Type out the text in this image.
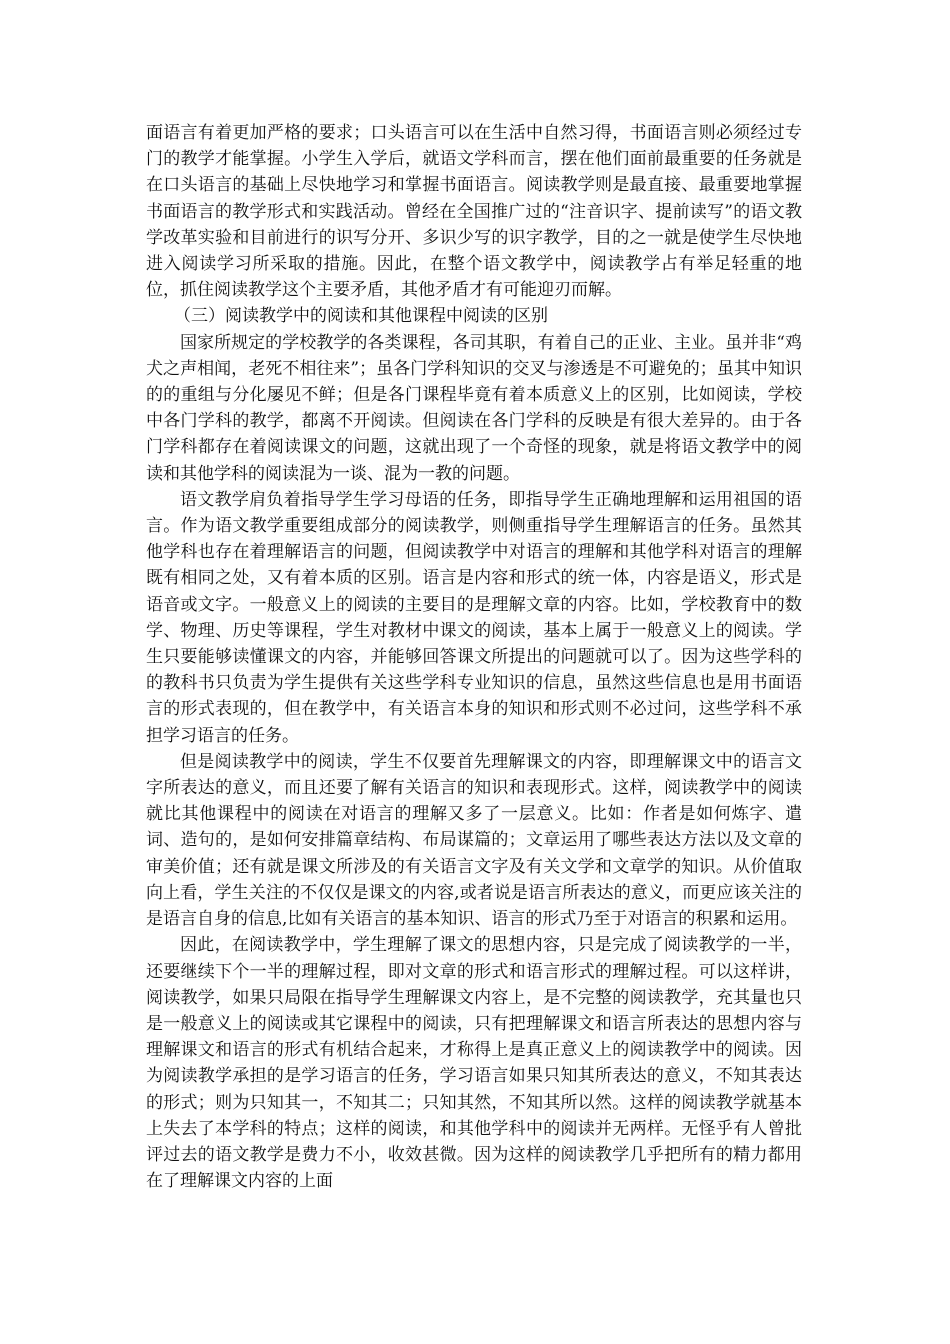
面语言有着更加严格的要求；口头语言可以在生活中自然习得，书面语言则必须经过专门的教学才能掌握。小学生入学后，就语文学科而言，摆在他们面前最重要的任务就是在口头语言的基础上尽快地学习和掌握书面语言。阅读教学则是最直接、最重要地掌握书面语言的教学形式和实践活动。曾经在全国推广过的“注音识字、提前读写”的语文教学改革实验和目前进行的识写分开、多识少写的识字教学，目的之一就是使学生尽快地进入阅读学习所采取的措施。因此，在整个语文教学中，阅读教学占有举足轻重的地位，抓住阅读教学这个主要矛盾，其他矛盾才有可能迎刃而解。

（三）阅读教学中的阅读和其他课程中阅读的区别

国家所规定的学校教学的各类课程，各司其职，有着自己的正业、主业。虽并非“鸡犬之声相闻，老死不相往来”；虽各门学科知识的交叉与渗透是不可避免的；虽其中知识的的重组与分化屡见不鲜；但是各门课程毕竟有着本质意义上的区别，比如阅读，学校中各门学科的教学，都离不开阅读。但阅读在各门学科的反映是有很大差异的。由于各门学科都存在着阅读课文的问题，这就出现了一个奇怪的现象，就是将语文教学中的阅读和其他学科的阅读混为一谈、混为一教的问题。

语文教学肩负着指导学生学习母语的任务，即指导学生正确地理解和运用祖国的语言。作为语文教学重要组成部分的阅读教学，则侧重指导学生理解语言的任务。虽然其他学科也存在着理解语言的问题，但阅读教学中对语言的理解和其他学科对语言的理解既有相同之处，又有着本质的区别。语言是内容和形式的统一体，内容是语义，形式是语音或文字。一般意义上的阅读的主要目的是理解文章的内容。比如，学校教育中的数学、物理、历史等课程，学生对教材中课文的阅读，基本上属于一般意义上的阅读。学生只要能够读懂课文的内容，并能够回答课文所提出的问题就可以了。因为这些学科的的教科书只负责为学生提供有关这些学科专业知识的信息，虽然这些信息也是用书面语言的形式表现的，但在教学中，有关语言本身的知识和形式则不必过问，这些学科不承担学习语言的任务。

但是阅读教学中的阅读，学生不仅要首先理解课文的内容，即理解课文中的语言文字所表达的意义，而且还要了解有关语言的知识和表现形式。这样，阅读教学中的阅读就比其他课程中的阅读在对语言的理解又多了一层意义。比如：作者是如何炼字、遣词、造句的，是如何安排篇章结构、布局谋篇的；文章运用了哪些表达方法以及文章的审美价值；还有就是课文所涉及的有关语言文字及有关文学和文章学的知识。从价值取向上看，学生关注的不仅仅是课文的内容,或者说是语言所表达的意义，而更应该关注的是语言自身的信息,比如有关语言的基本知识、语言的形式乃至于对语言的积累和运用。

因此，在阅读教学中，学生理解了课文的思想内容，只是完成了阅读教学的一半，还要继续下个一半的理解过程，即对文章的形式和语言形式的理解过程。可以这样讲，阅读教学，如果只局限在指导学生理解课文内容上，是不完整的阅读教学，充其量也只是一般意义上的阅读或其它课程中的阅读，只有把理解课文和语言所表达的思想内容与理解课文和语言的形式有机结合起来，才称得上是真正意义上的阅读教学中的阅读。因为阅读教学承担的是学习语言的任务，学习语言如果只知其所表达的意义，不知其表达的形式；则为只知其一，不知其二；只知其然，不知其所以然。这样的阅读教学就基本上失去了本学科的特点；这样的阅读，和其他学科中的阅读并无两样。无怪乎有人曾批评过去的语文教学是费力不小，收效甚微。因为这样的阅读教学几乎把所有的精力都用在了理解课文内容的上面
